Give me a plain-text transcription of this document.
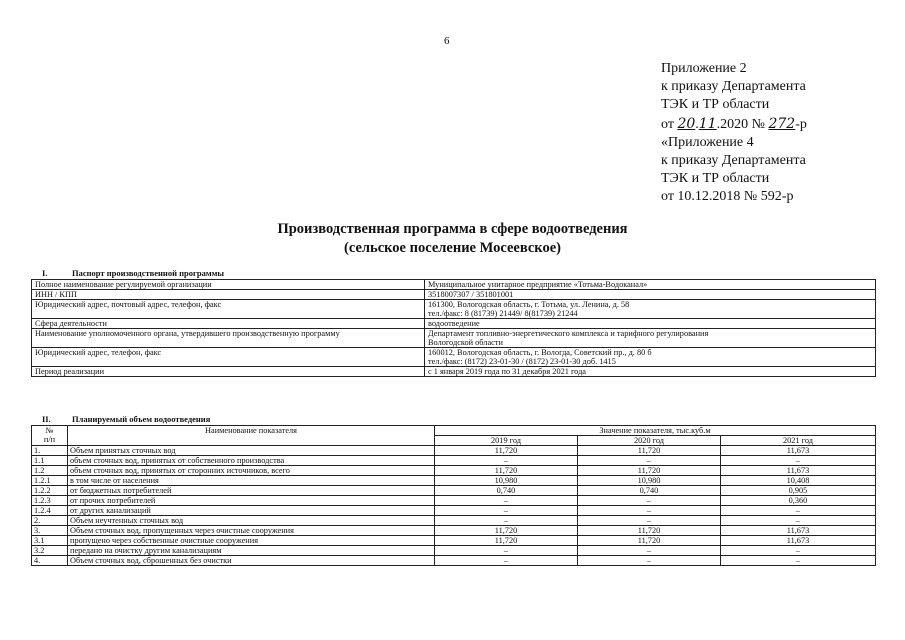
6
Приложение 2
к приказу Департамента
ТЭК и ТР области
от 20.11.2020 № 272-р
«Приложение 4
к приказу Департамента
ТЭК и ТР области
от 10.12.2018 № 592-р
Производственная программа в сфере водоотведения
(сельское поселение Мосеевское)
I.	Паспорт производственной программы
Полное наименование регулируемой организации	Муниципальное унитарное предприятие «Тотьма-Водоканал»

ИНН / КПП	3518007307 / 351801001

Юридический адрес, почтовый адрес, телефон, факс	161300, Вологодская область, г. Тотьма, ул. Ленина, д. 58
тел./факс: 8 (81739) 21449/ 8(81739) 21244

Сфера деятельности	водоотведение

Наименование уполномоченного органа, утвердившего производственную программу	Департамент топливно-энергетического комплекса и тарифного регулирования
Вологодской области

Юридический адрес, телефон, факс	160012, Вологодская область, г. Вологда, Советский пр., д. 80 б
тел./факс: (8172) 23-01-30 / (8172) 23-01-30 доб. 1415

Период реализации	с 1 января 2019 года по 31 декабря 2021 года
II.	Планируемый объем водоотведения
№
п/п	Наименование показателя	Значение показателя, тыс.куб.м		
		2019 год	2020 год	2021 год
1.	Объем принятых сточных вод	11,720	11,720	11,673
1.1	объем сточных вод, принятых от собственного производства	–	–	–
1.2	объем сточных вод, принятых от сторонних источников, всего	11,720	11,720	11,673
1.2.1	в том числе от населения	10,980	10,980	10,408
1.2.2	от бюджетных потребителей	0,740	0,740	0,905
1.2.3	от прочих потребителей	–	–	0,360
1.2.4	от других канализаций	–	–	–
2.	Объем неучтенных сточных вод	–	–	–
3.	Объем сточных вод, пропущенных через очистные сооружения	11,720	11,720	11,673
3.1	пропущено через собственные очистные сооружения	11,720	11,720	11,673
3.2	передано на очистку другим канализациям	–	–	–
4.	Объем сточных вод, сброшенных без очистки	–	–	–
